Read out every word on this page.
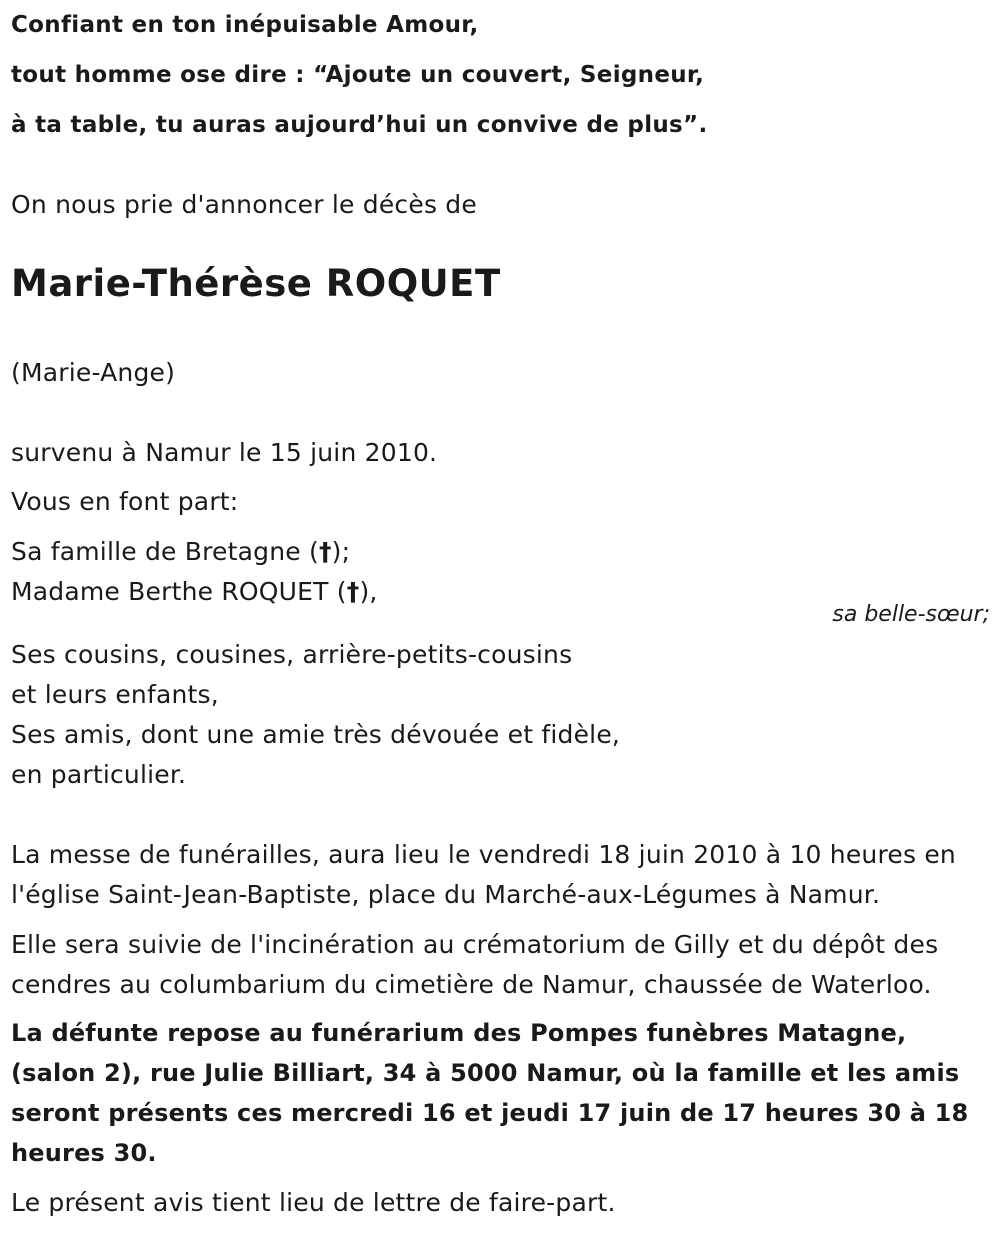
Confiant en ton inépuisable Amour,
tout homme ose dire : “Ajoute un couvert, Seigneur,
à ta table, tu auras aujourd’hui un convive de plus”.
On nous prie d'annoncer le décès de
Marie-Thérèse ROQUET
(Marie-Ange)
survenu à Namur le 15 juin 2010.
Vous en font part:
Sa famille de Bretagne (†);
Madame Berthe ROQUET (†),
sa belle-sœur;
Ses cousins, cousines, arrière-petits-cousins
et leurs enfants,
Ses amis, dont une amie très dévouée et fidèle,
en particulier.
La messe de funérailles, aura lieu le vendredi 18 juin 2010 à 10 heures en
l'église Saint-Jean-Baptiste, place du Marché-aux-Légumes à Namur.
Elle sera suivie de l'incinération au crématorium de Gilly et du dépôt des
cendres au columbarium du cimetière de Namur, chaussée de Waterloo.
La défunte repose au funérarium des Pompes funèbres Matagne,
(salon 2), rue Julie Billiart, 34 à 5000 Namur, où la famille et les amis
seront présents ces mercredi 16 et jeudi 17 juin de 17 heures 30 à 18
heures 30.
Le présent avis tient lieu de lettre de faire-part.
